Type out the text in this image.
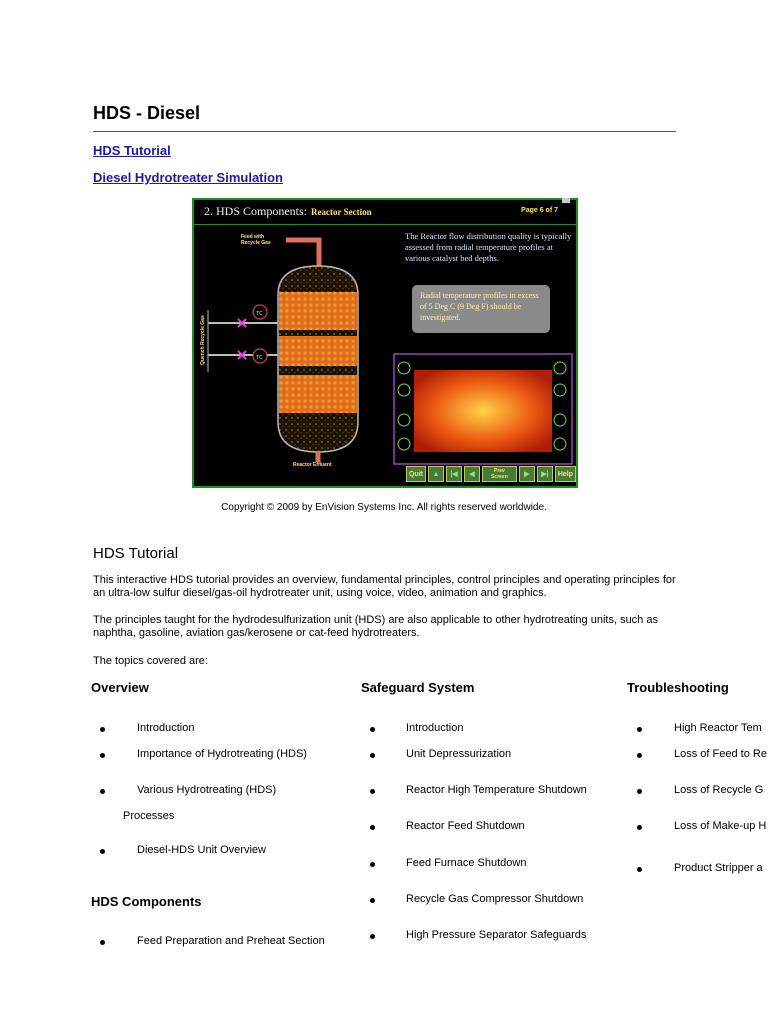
HDS - Diesel
HDS Tutorial
Diesel Hydrotreater Simulation
2. HDS Components: Reactor Section	Page 6 of 7
TC
TC
Feed with Recycle Gas
Reactor Effluent
Quench Recycle Gas
The Reactor flow distribution quality is typically assessed from radial temperature profiles at various catalyst bed depths.
Radial temperature profiles in excess of 5 Deg C (9 Deg F) should be investigated.
Quit	▲	|◀	◀	Prev Screen	▶	▶|	Help
Copyright © 2009 by EnVision Systems Inc. All rights reserved worldwide.
HDS Tutorial
This interactive HDS tutorial provides an overview, fundamental principles, control principles and operating principles for an ultra-low sulfur diesel/gas-oil hydrotreater unit, using voice, video, animation and graphics.
The principles taught for the hydrodesulfurization unit (HDS) are also applicable to other hydrotreating units, such as naphtha, gasoline, aviation gas/kerosene or cat-feed hydrotreaters.
The topics covered are:
Overview
Introduction
Importance of Hydrotreating (HDS)
Various Hydrotreating (HDS)
Processes
Diesel-HDS Unit Overview
HDS Components
Feed Preparation and Preheat Section
Safeguard System
Introduction
Unit Depressurization
Reactor High Temperature Shutdown
Reactor Feed Shutdown
Feed Furnace Shutdown
Recycle Gas Compressor Shutdown
High Pressure Separator Safeguards
Troubleshooting
High Reactor Tem
Loss of Feed to Re
Loss of Recycle G
Loss of Make-up H
Product Stripper a
